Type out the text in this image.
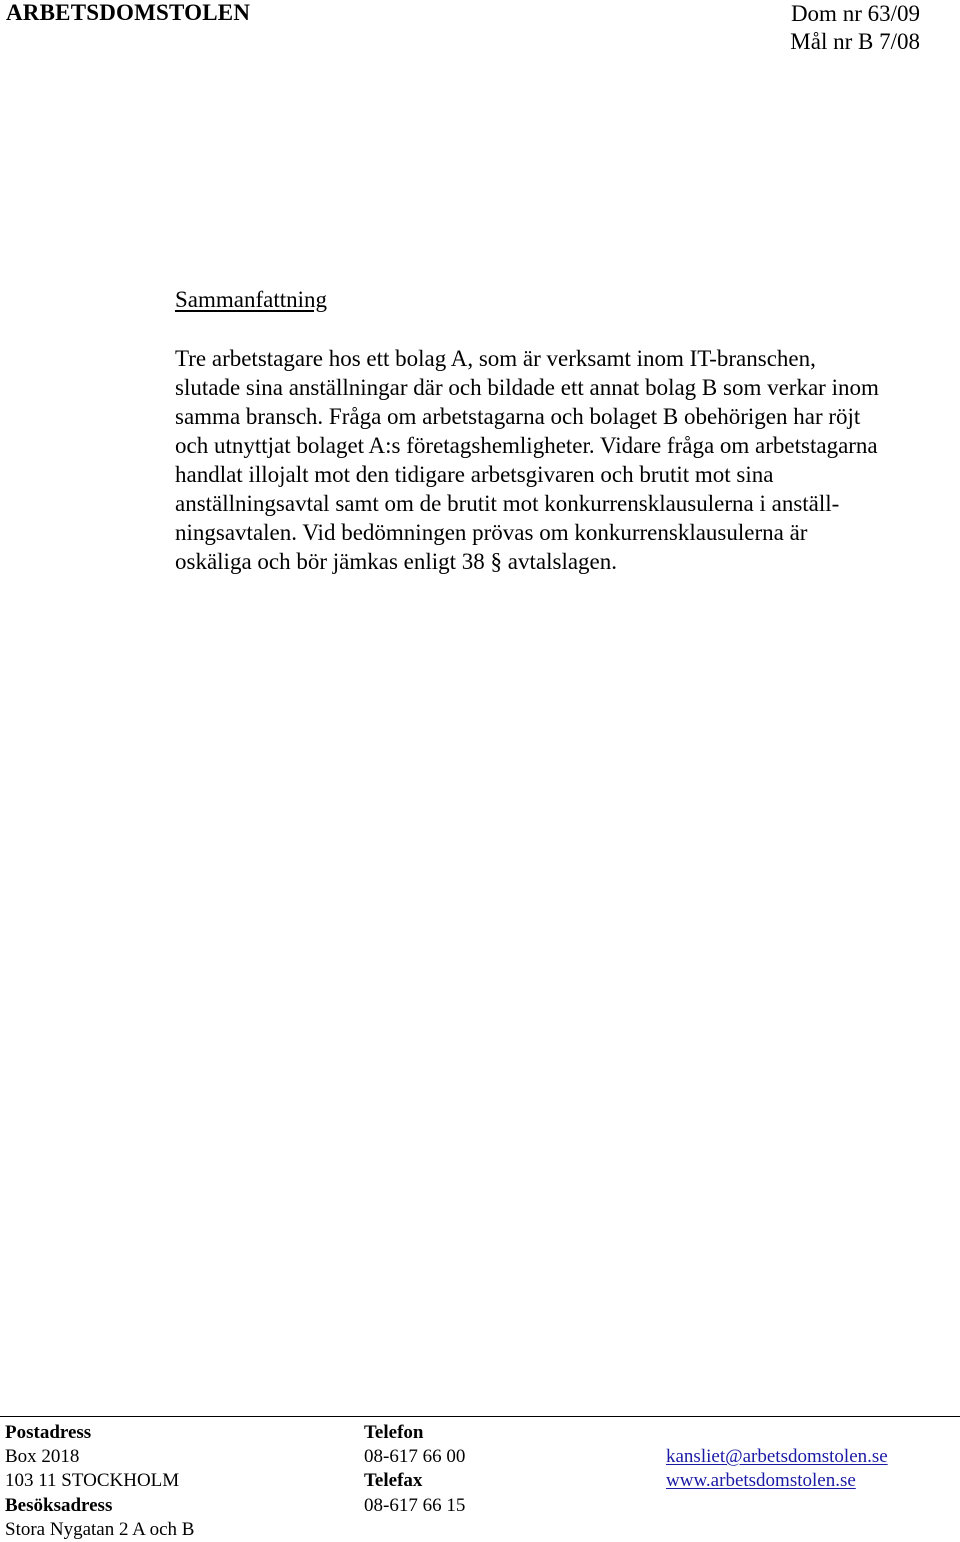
ARBETSDOMSTOLEN	Dom nr 63/09
Mål nr B 7/08
Sammanfattning
Tre arbetstagare hos ett bolag A, som är verksamt inom IT-branschen,
slutade sina anställningar där och bildade ett annat bolag B som verkar inom
samma bransch. Fråga om arbetstagarna och bolaget B obehörigen har röjt
och utnyttjat bolaget A:s företagshemligheter. Vidare fråga om arbetstagarna
handlat illojalt mot den tidigare arbetsgivaren och brutit mot sina
anställningsavtal samt om de brutit mot konkurrensklausulerna i anställ-
ningsavtalen. Vid bedömningen prövas om konkurrensklausulerna är
oskäliga och bör jämkas enligt 38 § avtalslagen.
Postadress
Box 2018
103 11 STOCKHOLM
Besöksadress
Stora Nygatan 2 A och B
Telefon
08-617 66 00
Telefax
08-617 66 15
kansliet@arbetsdomstolen.se
www.arbetsdomstolen.se
